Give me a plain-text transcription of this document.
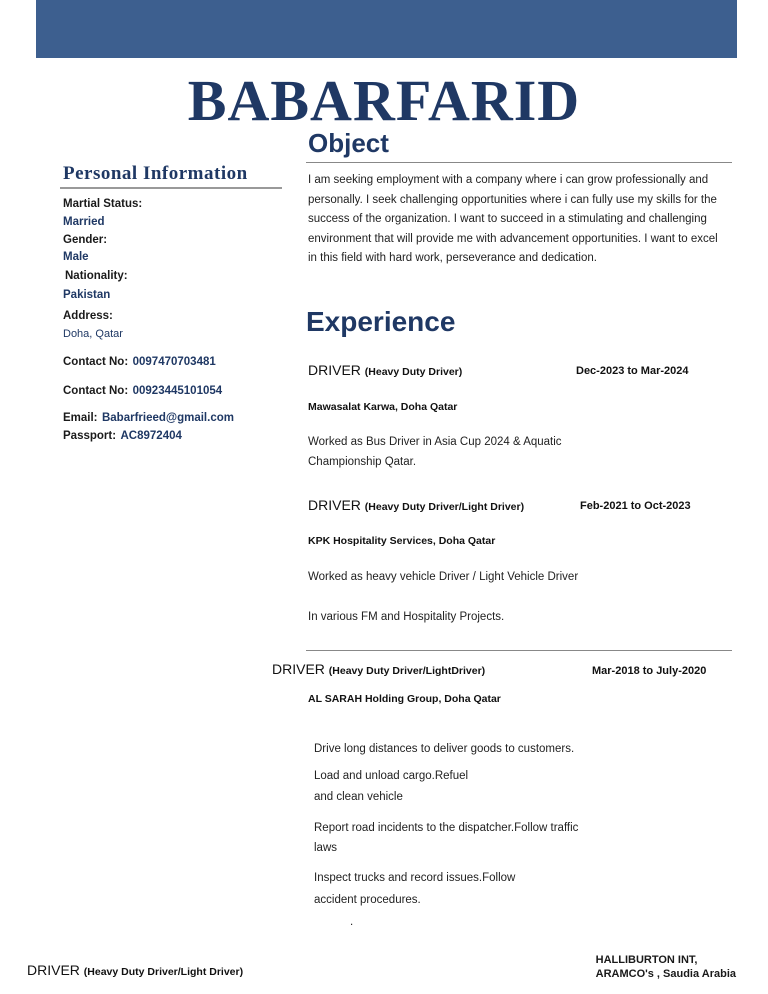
BABARFARID
Object
I am seeking employment with a company where i can grow professionally and personally. I seek challenging opportunities where i can fully use my skills for the success of the organization. I want to succeed in a stimulating and challenging environment that will provide me with advancement opportunities. I want to excel in this field with hard work, perseverance and dedication.
Personal Information
Martial Status:
Married
Gender:
Male
Nationality:
Pakistan
Address:
Doha, Qatar
Contact No: 0097470703481
Contact No: 00923445101054
Email: Babarfrieed@gmail.com
Passport: AC8972404
Experience
DRIVER (Heavy Duty Driver)	Dec-2023 to Mar-2024
Mawasalat Karwa, Doha Qatar
Worked as Bus Driver in Asia Cup 2024 & Aquatic
Championship Qatar.
DRIVER (Heavy Duty Driver/Light Driver)	Feb-2021 to Oct-2023
KPK Hospitality Services, Doha Qatar
Worked as heavy vehicle Driver / Light Vehicle Driver
In various FM and Hospitality Projects.
DRIVER (Heavy Duty Driver/LightDriver)	Mar-2018 to July-2020
AL SARAH Holding Group, Doha Qatar
Drive long distances to deliver goods to customers.
Load and unload cargo.Refuel
and clean vehicle
Report road incidents to the dispatcher.Follow traffic
laws
Inspect trucks and record issues.Follow
accident procedures.
.
DRIVER (Heavy Duty Driver/Light Driver)
HALLIBURTON INT,
ARAMCO's , Saudia Arabia
